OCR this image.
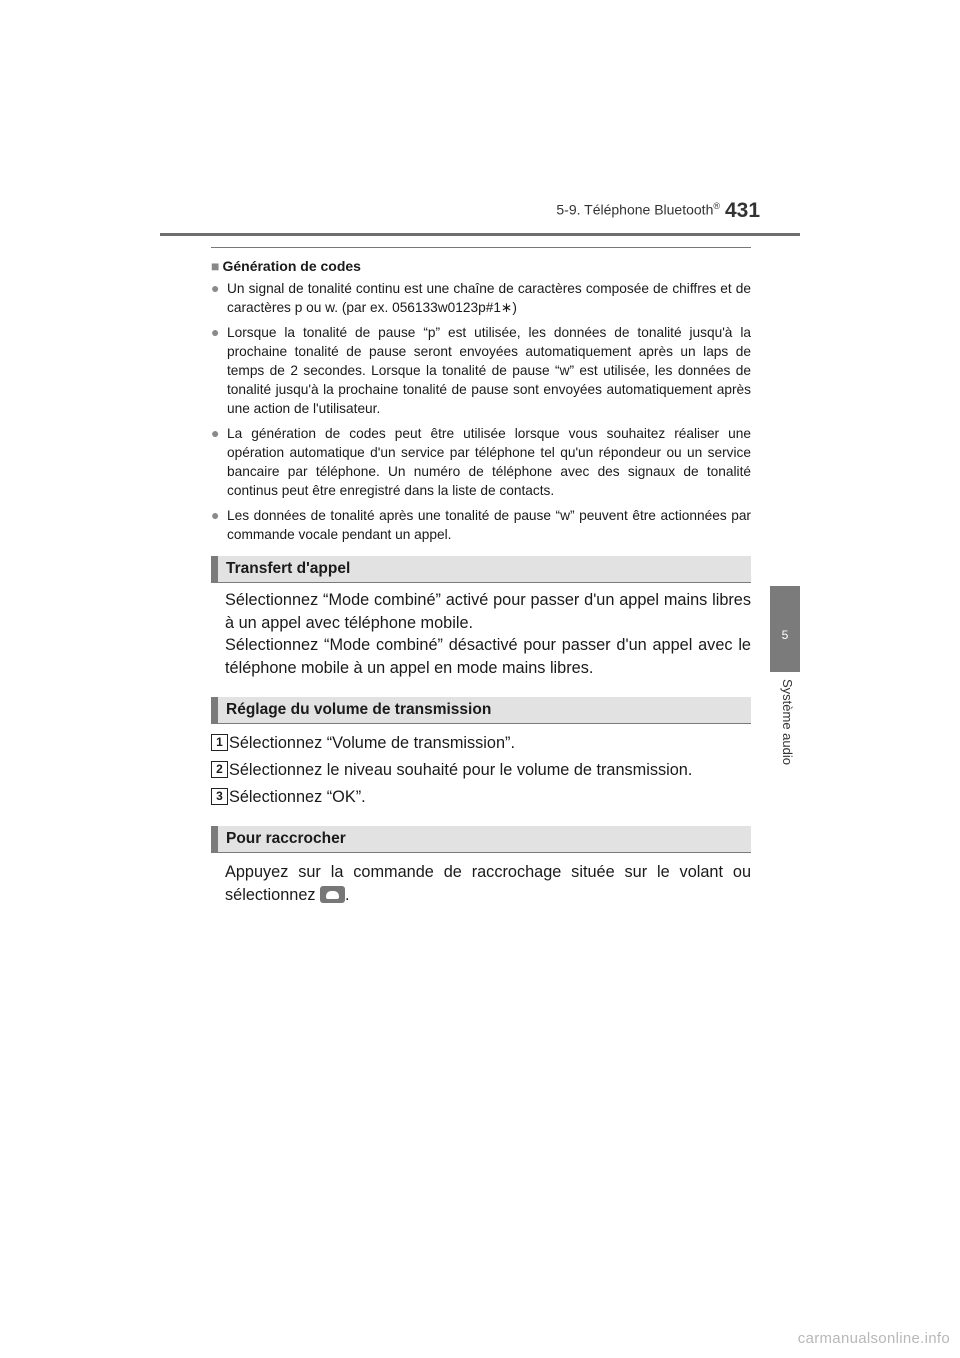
5-9. Téléphone Bluetooth® 431
5
Système audio
■ Génération de codes
● Un signal de tonalité continu est une chaîne de caractères composée de chiffres et de caractères p ou w. (par ex. 056133w0123p#1∗)
● Lorsque la tonalité de pause “p” est utilisée, les données de tonalité jusqu'à la prochaine tonalité de pause seront envoyées automatiquement après un laps de temps de 2 secondes. Lorsque la tonalité de pause “w” est utilisée, les données de tonalité jusqu'à la prochaine tonalité de pause sont envoyées automatiquement après une action de l'utilisateur.
● La génération de codes peut être utilisée lorsque vous souhaitez réaliser une opération automatique d'un service par téléphone tel qu'un répondeur ou un service bancaire par téléphone. Un numéro de téléphone avec des signaux de tonalité continus peut être enregistré dans la liste de contacts.
● Les données de tonalité après une tonalité de pause “w” peuvent être actionnées par commande vocale pendant un appel.
Transfert d'appel

Sélectionnez “Mode combiné” activé pour passer d'un appel mains libres à un appel avec téléphone mobile.

Sélectionnez “Mode combiné” désactivé pour passer d'un appel avec le téléphone mobile à un appel en mode mains libres.

Réglage du volume de transmission
1 Sélectionnez “Volume de transmission”.
2 Sélectionnez le niveau souhaité pour le volume de transmission.
3 Sélectionnez “OK”.
Pour raccrocher

Appuyez sur la commande de raccrochage située sur le volant ou sélectionnez .

carmanualsonline.info
